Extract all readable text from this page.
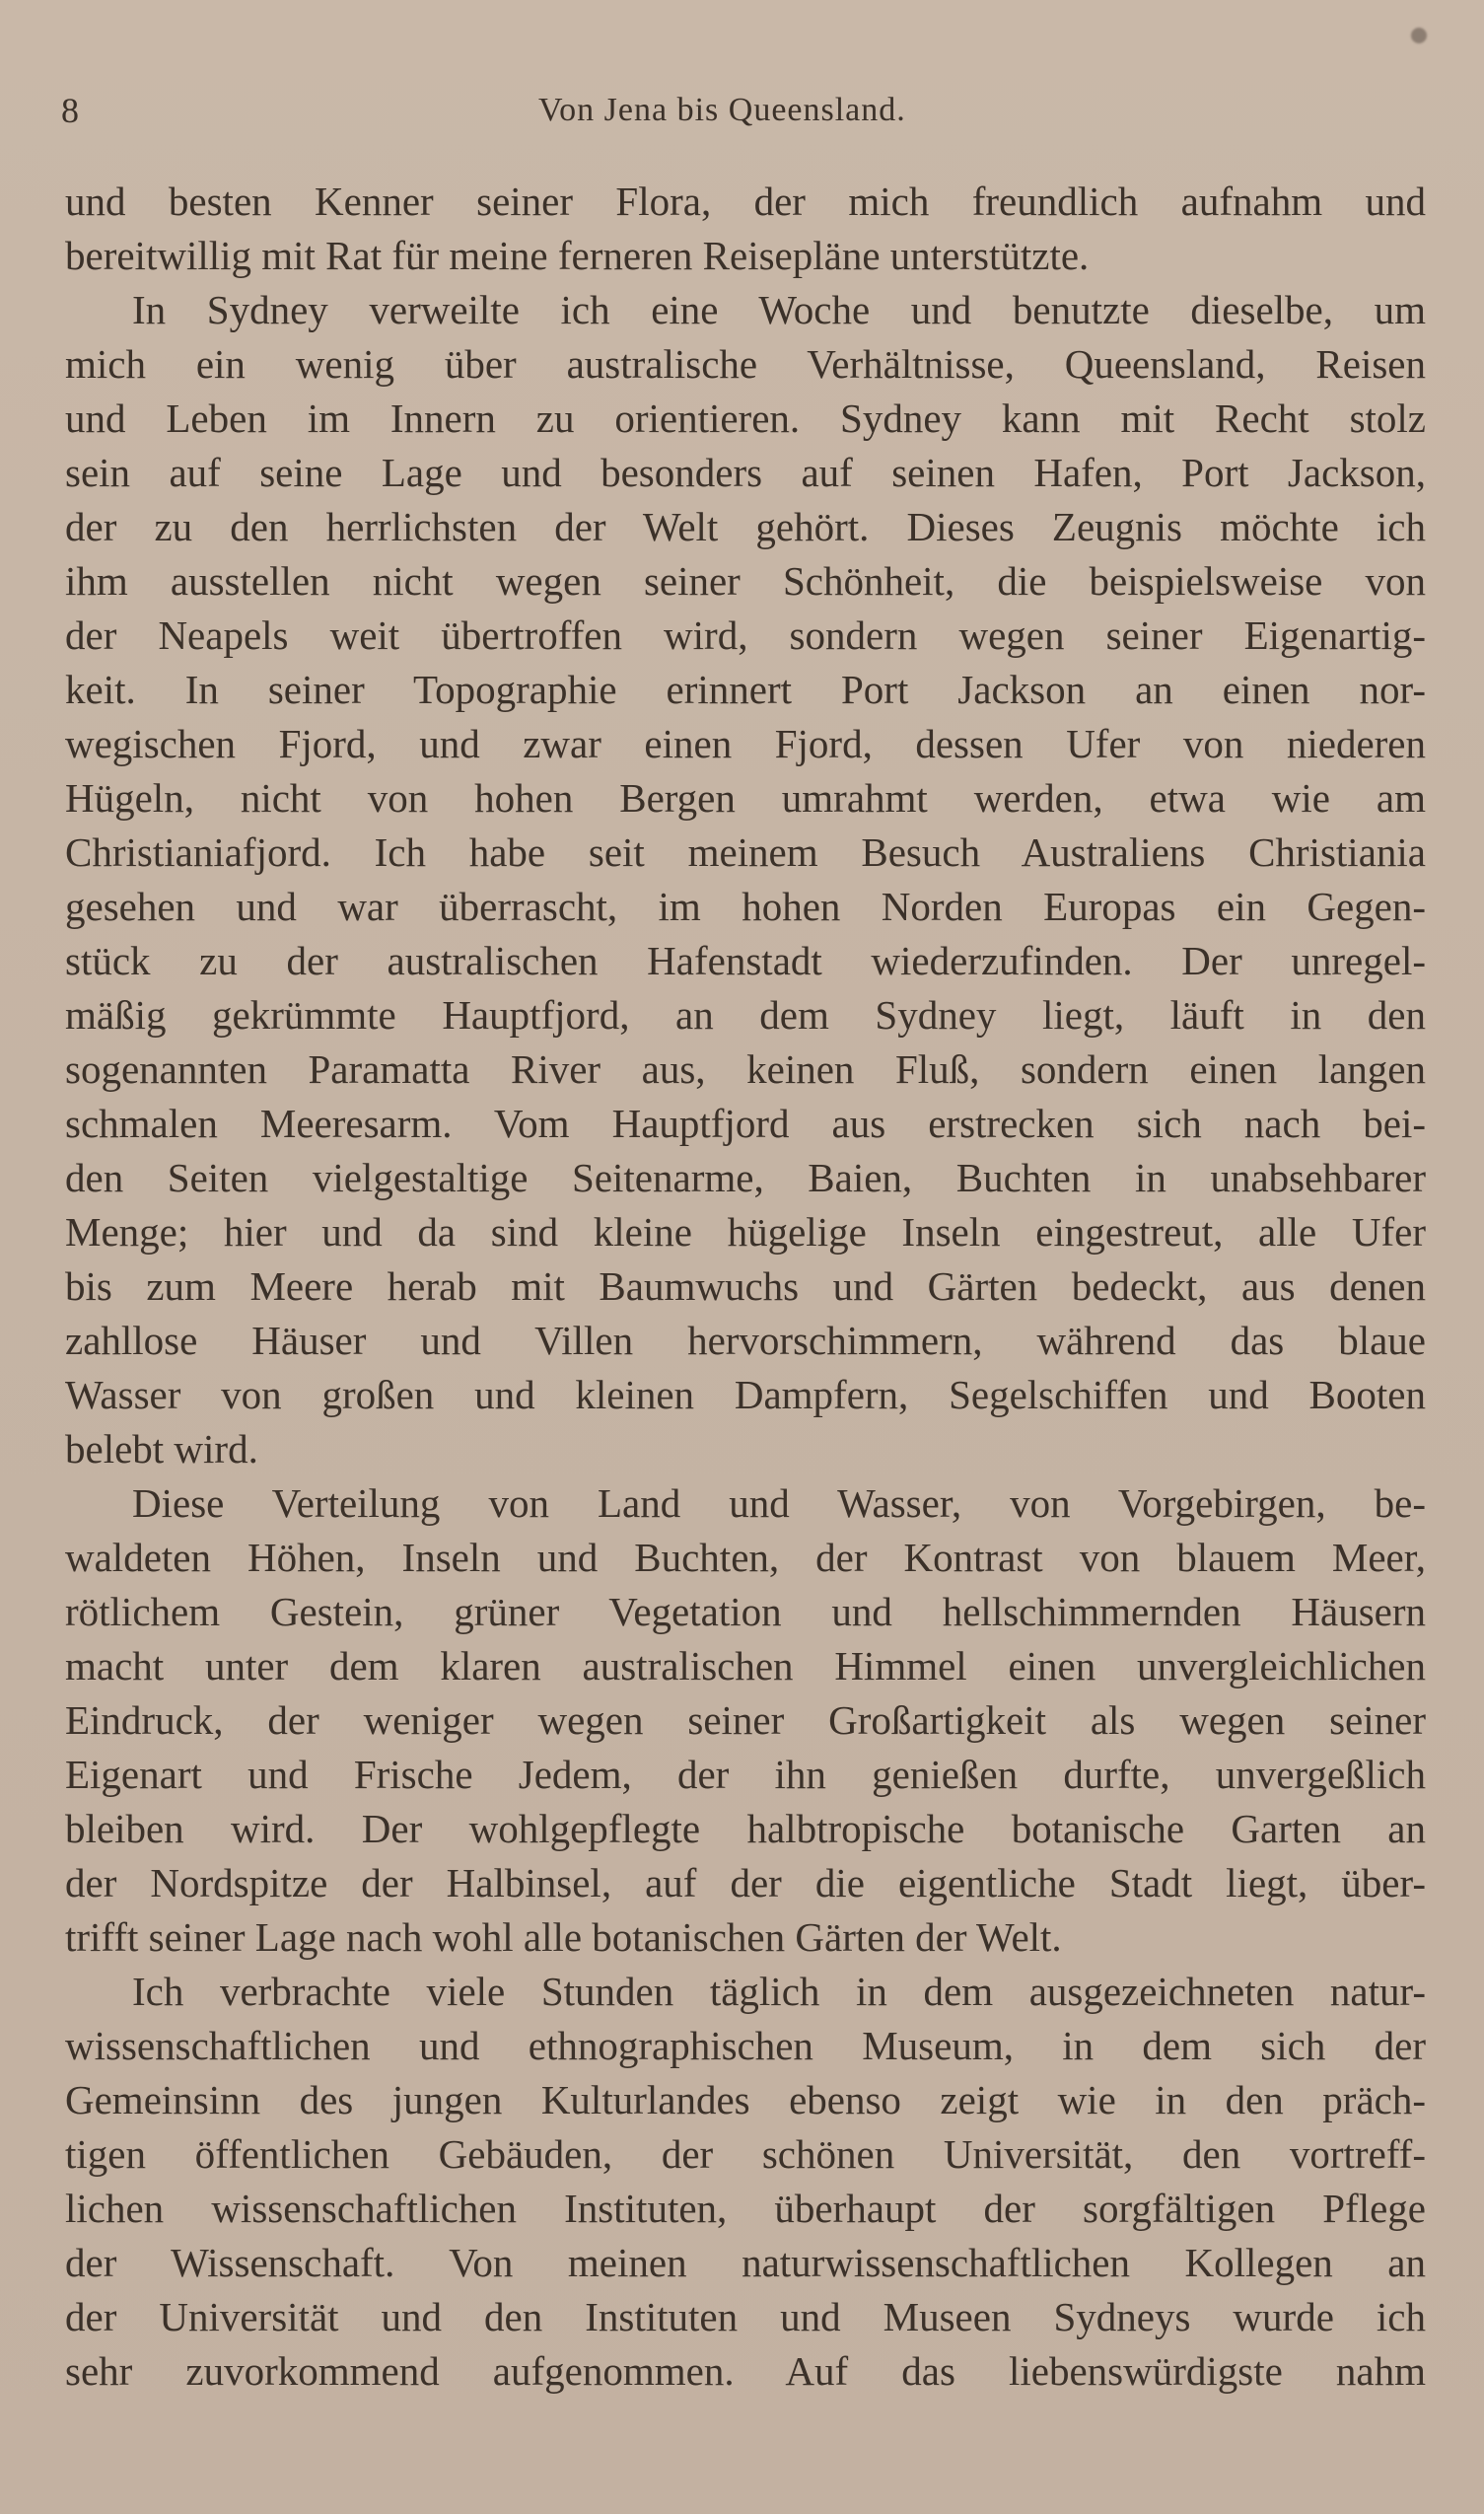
8	Von Jena bis Queensland.
und besten Kenner seiner Flora, der mich freundlich aufnahm und
bereitwillig mit Rat für meine ferneren Reisepläne unterstützte.
In Sydney verweilte ich eine Woche und benutzte dieselbe, um
mich ein wenig über australische Verhältnisse, Queensland, Reisen
und Leben im Innern zu orientieren. Sydney kann mit Recht stolz
sein auf seine Lage und besonders auf seinen Hafen, Port Jackson,
der zu den herrlichsten der Welt gehört. Dieses Zeugnis möchte ich
ihm ausstellen nicht wegen seiner Schönheit, die beispielsweise von
der Neapels weit übertroffen wird, sondern wegen seiner Eigenartig-
keit. In seiner Topographie erinnert Port Jackson an einen nor-
wegischen Fjord, und zwar einen Fjord, dessen Ufer von niederen
Hügeln, nicht von hohen Bergen umrahmt werden, etwa wie am
Christianiafjord. Ich habe seit meinem Besuch Australiens Christiania
gesehen und war überrascht, im hohen Norden Europas ein Gegen-
stück zu der australischen Hafenstadt wiederzufinden. Der unregel-
mäßig gekrümmte Hauptfjord, an dem Sydney liegt, läuft in den
sogenannten Paramatta River aus, keinen Fluß, sondern einen langen
schmalen Meeresarm. Vom Hauptfjord aus erstrecken sich nach bei-
den Seiten vielgestaltige Seitenarme, Baien, Buchten in unabsehbarer
Menge; hier und da sind kleine hügelige Inseln eingestreut, alle Ufer
bis zum Meere herab mit Baumwuchs und Gärten bedeckt, aus denen
zahllose Häuser und Villen hervorschimmern, während das blaue
Wasser von großen und kleinen Dampfern, Segelschiffen und Booten
belebt wird.
Diese Verteilung von Land und Wasser, von Vorgebirgen, be-
waldeten Höhen, Inseln und Buchten, der Kontrast von blauem Meer,
rötlichem Gestein, grüner Vegetation und hellschimmernden Häusern
macht unter dem klaren australischen Himmel einen unvergleichlichen
Eindruck, der weniger wegen seiner Großartigkeit als wegen seiner
Eigenart und Frische Jedem, der ihn genießen durfte, unvergeßlich
bleiben wird. Der wohlgepflegte halbtropische botanische Garten an
der Nordspitze der Halbinsel, auf der die eigentliche Stadt liegt, über-
trifft seiner Lage nach wohl alle botanischen Gärten der Welt.
Ich verbrachte viele Stunden täglich in dem ausgezeichneten natur-
wissenschaftlichen und ethnographischen Museum, in dem sich der
Gemeinsinn des jungen Kulturlandes ebenso zeigt wie in den präch-
tigen öffentlichen Gebäuden, der schönen Universität, den vortreff-
lichen wissenschaftlichen Instituten, überhaupt der sorgfältigen Pflege
der Wissenschaft. Von meinen naturwissenschaftlichen Kollegen an
der Universität und den Instituten und Museen Sydneys wurde ich
sehr zuvorkommend aufgenommen. Auf das liebenswürdigste nahm
